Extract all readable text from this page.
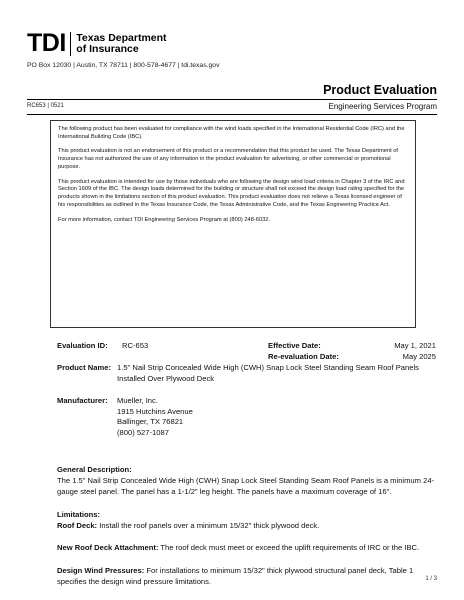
TDI Texas Department
of Insurance
PO Box 12030 | Austin, TX 78711 | 800-578-4677 | tdi.texas.gov
Product Evaluation
RC653 | 0521	Engineering Services Program

The following product has been evaluated for compliance with the wind loads specified in the International Residential Code (IRC) and the International Building Code (IBC).

This product evaluation is not an endorsement of this product or a recommendation that this product be used. The Texas Department of Insurance has not authorized the use of any information in the product evaluation for advertising, or other commercial or promotional purpose.

This product evaluation is intended for use by those individuals who are following the design wind load criteria in Chapter 3 of the IRC and Section 1609 of the IBC. The design loads determined for the building or structure shall not exceed the design load rating specified for the products shown in the limitations section of this product evaluation. This product evaluation does not relieve a Texas licensed engineer of his responsibilities as outlined in the Texas Insurance Code, the Texas Administrative Code, and the Texas Engineering Practice Act.

For more information, contact TDI Engineering Services Program at (800) 248-6032.

Evaluation ID: RC-653	Effective Date:	May 1, 2021
Re-evaluation Date:	May 2025
Product Name: 1.5" Nail Strip Concealed Wide High (CWH) Snap Lock Steel Standing Seam Roof Panels Installed Over Plywood Deck
Manufacturer: Mueller, Inc.
1915 Hutchins Avenue
Ballinger, TX 76821
(800) 527-1087
General Description:
The 1.5" Nail Strip Concealed Wide High (CWH) Snap Lock Steel Standing Seam Roof Panels is a minimum 24-gauge steel panel. The panel has a 1-1/2" leg height. The panels have a maximum coverage of 16".
Limitations:
Roof Deck: Install the roof panels over a minimum 15/32" thick plywood deck.
New Roof Deck Attachment: The roof deck must meet or exceed the uplift requirements of IRC or the IBC.
Design Wind Pressures: For installations to minimum 15/32" thick plywood structural panel deck, Table 1 specifies the design wind pressure limitations.	1 / 3
